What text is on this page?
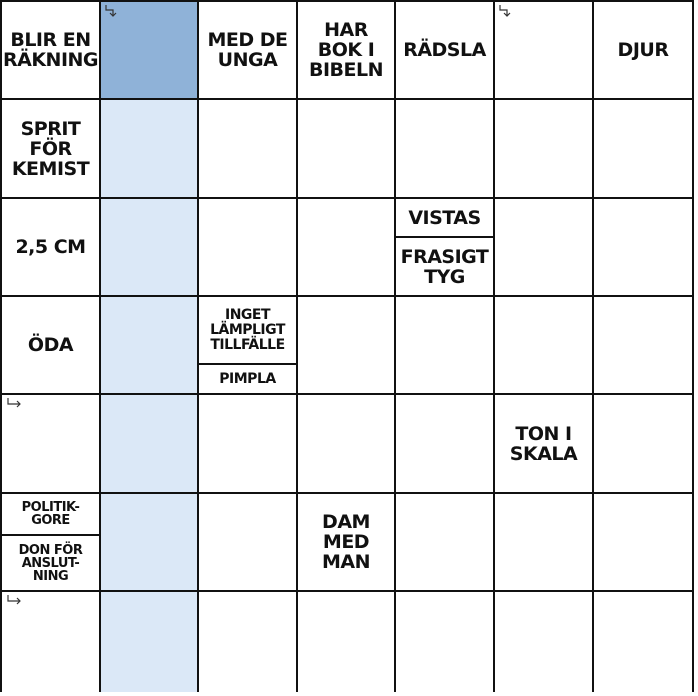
BLIR EN
RÄKNING
MED DE
UNGA
HAR
BOK I
BIBELN
RÄDSLA	DJUR
SPRIT
FÖR
KEMIST
2,5 CM
VISTAS
FRASIGT
TYG
ÖDA
INGET
LÄMPLIGT
TILLFÄLLE
PIMPLA
TON I
SKALA
POLITIK-
GORE
DON FÖR
ANSLUT-
NING
DAM
MED
MAN
